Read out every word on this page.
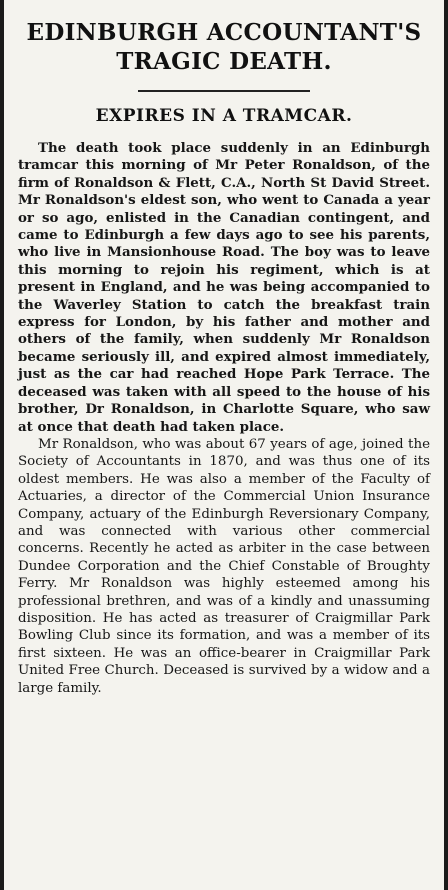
EDINBURGH ACCOUNTANT'S
TRAGIC DEATH.
EXPIRES IN A TRAMCAR.

The death took place suddenly in an Edinburgh tramcar this morning of Mr Peter Ronaldson, of the firm of Ronaldson & Flett, C.A., North St David Street. Mr Ronaldson's eldest son, who went to Canada a year or so ago, enlisted in the Canadian contingent, and came to Edinburgh a few days ago to see his parents, who live in Mansionhouse Road. The boy was to leave this morning to rejoin his regiment, which is at present in England, and he was being accompanied to the Waverley Station to catch the breakfast train express for London, by his father and mother and others of the family, when suddenly Mr Ronaldson became seriously ill, and expired almost immediately, just as the car had reached Hope Park Terrace. The deceased was taken with all speed to the house of his brother, Dr Ronaldson, in Charlotte Square, who saw at once that death had taken place.

Mr Ronaldson, who was about 67 years of age, joined the Society of Accountants in 1870, and was thus one of its oldest members. He was also a member of the Faculty of Actuaries, a director of the Commercial Union Insurance Company, actuary of the Edinburgh Reversionary Company, and was connected with various other commercial concerns. Recently he acted as arbiter in the case between Dundee Corporation and the Chief Constable of Broughty Ferry. Mr Ronaldson was highly esteemed among his professional brethren, and was of a kindly and unassuming disposition. He has acted as treasurer of Craigmillar Park Bowling Club since its formation, and was a member of its first sixteen. He was an office-bearer in Craigmillar Park United Free Church. Deceased is survived by a widow and a large family.
